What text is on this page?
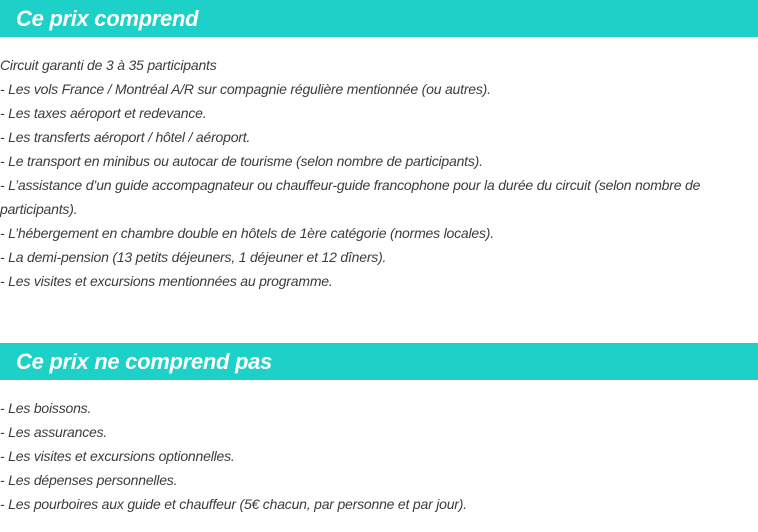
Ce prix comprend
Circuit garanti de 3 à 35 participants
- Les vols France / Montréal A/R sur compagnie régulière mentionnée (ou autres).
- Les taxes aéroport et redevance.
- Les transferts aéroport / hôtel / aéroport.
- Le transport en minibus ou autocar de tourisme (selon nombre de participants).
- L’assistance d’un guide accompagnateur ou chauffeur-guide francophone pour la durée du circuit (selon nombre de participants).
- L’hébergement en chambre double en hôtels de 1ère catégorie (normes locales).
- La demi-pension (13 petits déjeuners, 1 déjeuner et 12 dîners).
- Les visites et excursions mentionnées au programme.
Ce prix ne comprend pas
- Les boissons.
- Les assurances.
- Les visites et excursions optionnelles.
- Les dépenses personnelles.
- Les pourboires aux guide et chauffeur (5€ chacun, par personne et par jour).
